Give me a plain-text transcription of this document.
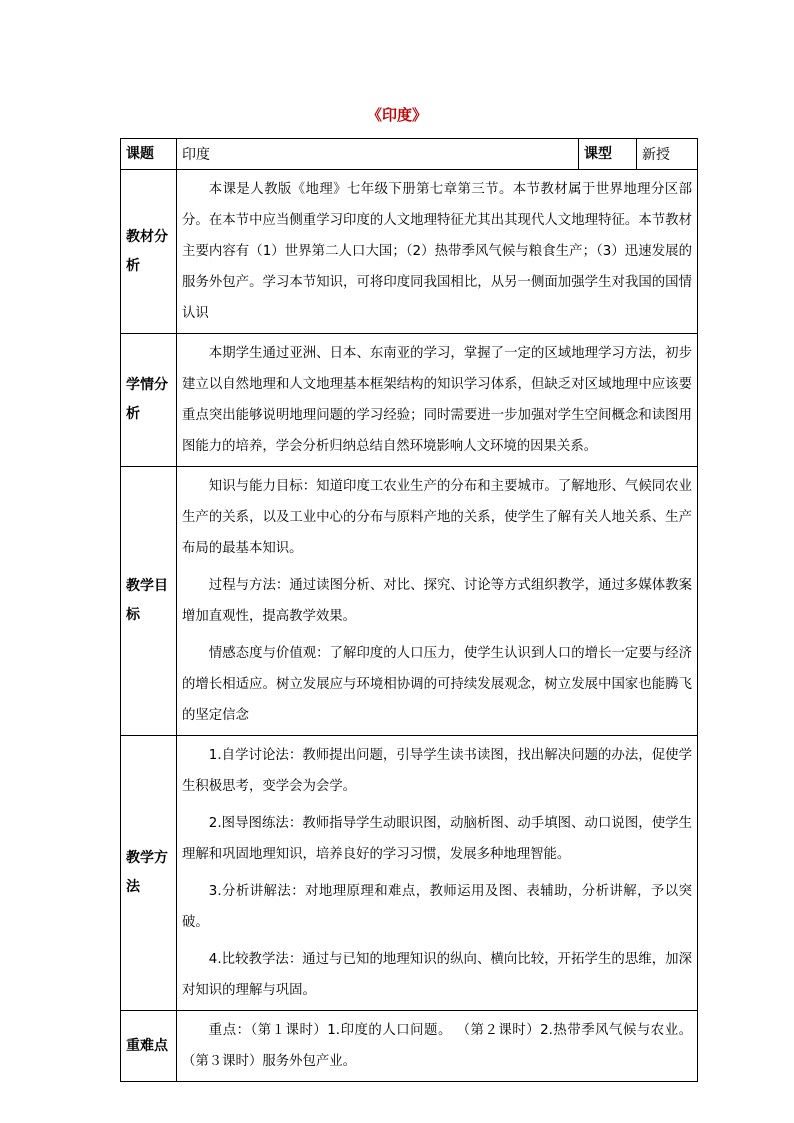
《印度》
课题	印度	课型	新授
教材分析	本课是人教版《地理》七年级下册第七章第三节。本节教材属于世界地理分区部分。在本节中应当侧重学习印度的人文地理特征尤其出其现代人文地理特征。本节教材主要内容有（1）世界第二人口大国；（2）热带季风气候与粮食生产；（3）迅速发展的服务外包产。学习本节知识，可将印度同我国相比，从另一侧面加强学生对我国的国情认识		

学情分析	本期学生通过亚洲、日本、东南亚的学习，掌握了一定的区域地理学习方法，初步建立以自然地理和人文地理基本框架结构的知识学习体系，但缺乏对区域地理中应该要重点突出能够说明地理问题的学习经验；同时需要进一步加强对学生空间概念和读图用图能力的培养，学会分析归纳总结自然环境影响人文环境的因果关系。		

教学目标	知识与能力目标：知道印度工农业生产的分布和主要城市。了解地形、气候同农业生产的关系，以及工业中心的分布与原料产地的关系，使学生了解有关人地关系、生产布局的最基本知识。

过程与方法：通过读图分析、对比、探究、讨论等方式组织教学，通过多媒体教案增加直观性，提高教学效果。

情感态度与价值观：了解印度的人口压力，使学生认识到人口的增长一定要与经济的增长相适应。树立发展应与环境相协调的可持续发展观念，树立发展中国家也能腾飞的坚定信念		

教学方法	1.自学讨论法：教师提出问题，引导学生读书读图，找出解决问题的办法，促使学生积极思考，变学会为会学。

2.图导图练法：教师指导学生动眼识图，动脑析图、动手填图、动口说图，使学生理解和巩固地理知识，培养良好的学习习惯，发展多种地理智能。

3.分析讲解法：对地理原理和难点，教师运用及图、表辅助，分析讲解，予以突破。

4.比较教学法：通过与已知的地理知识的纵向、横向比较，开拓学生的思维，加深对知识的理解与巩固。		

重难点	重点：（第１课时）1.印度的人口问题。 （第２课时）2.热带季风气候与农业。（第３课时）服务外包产业。		
